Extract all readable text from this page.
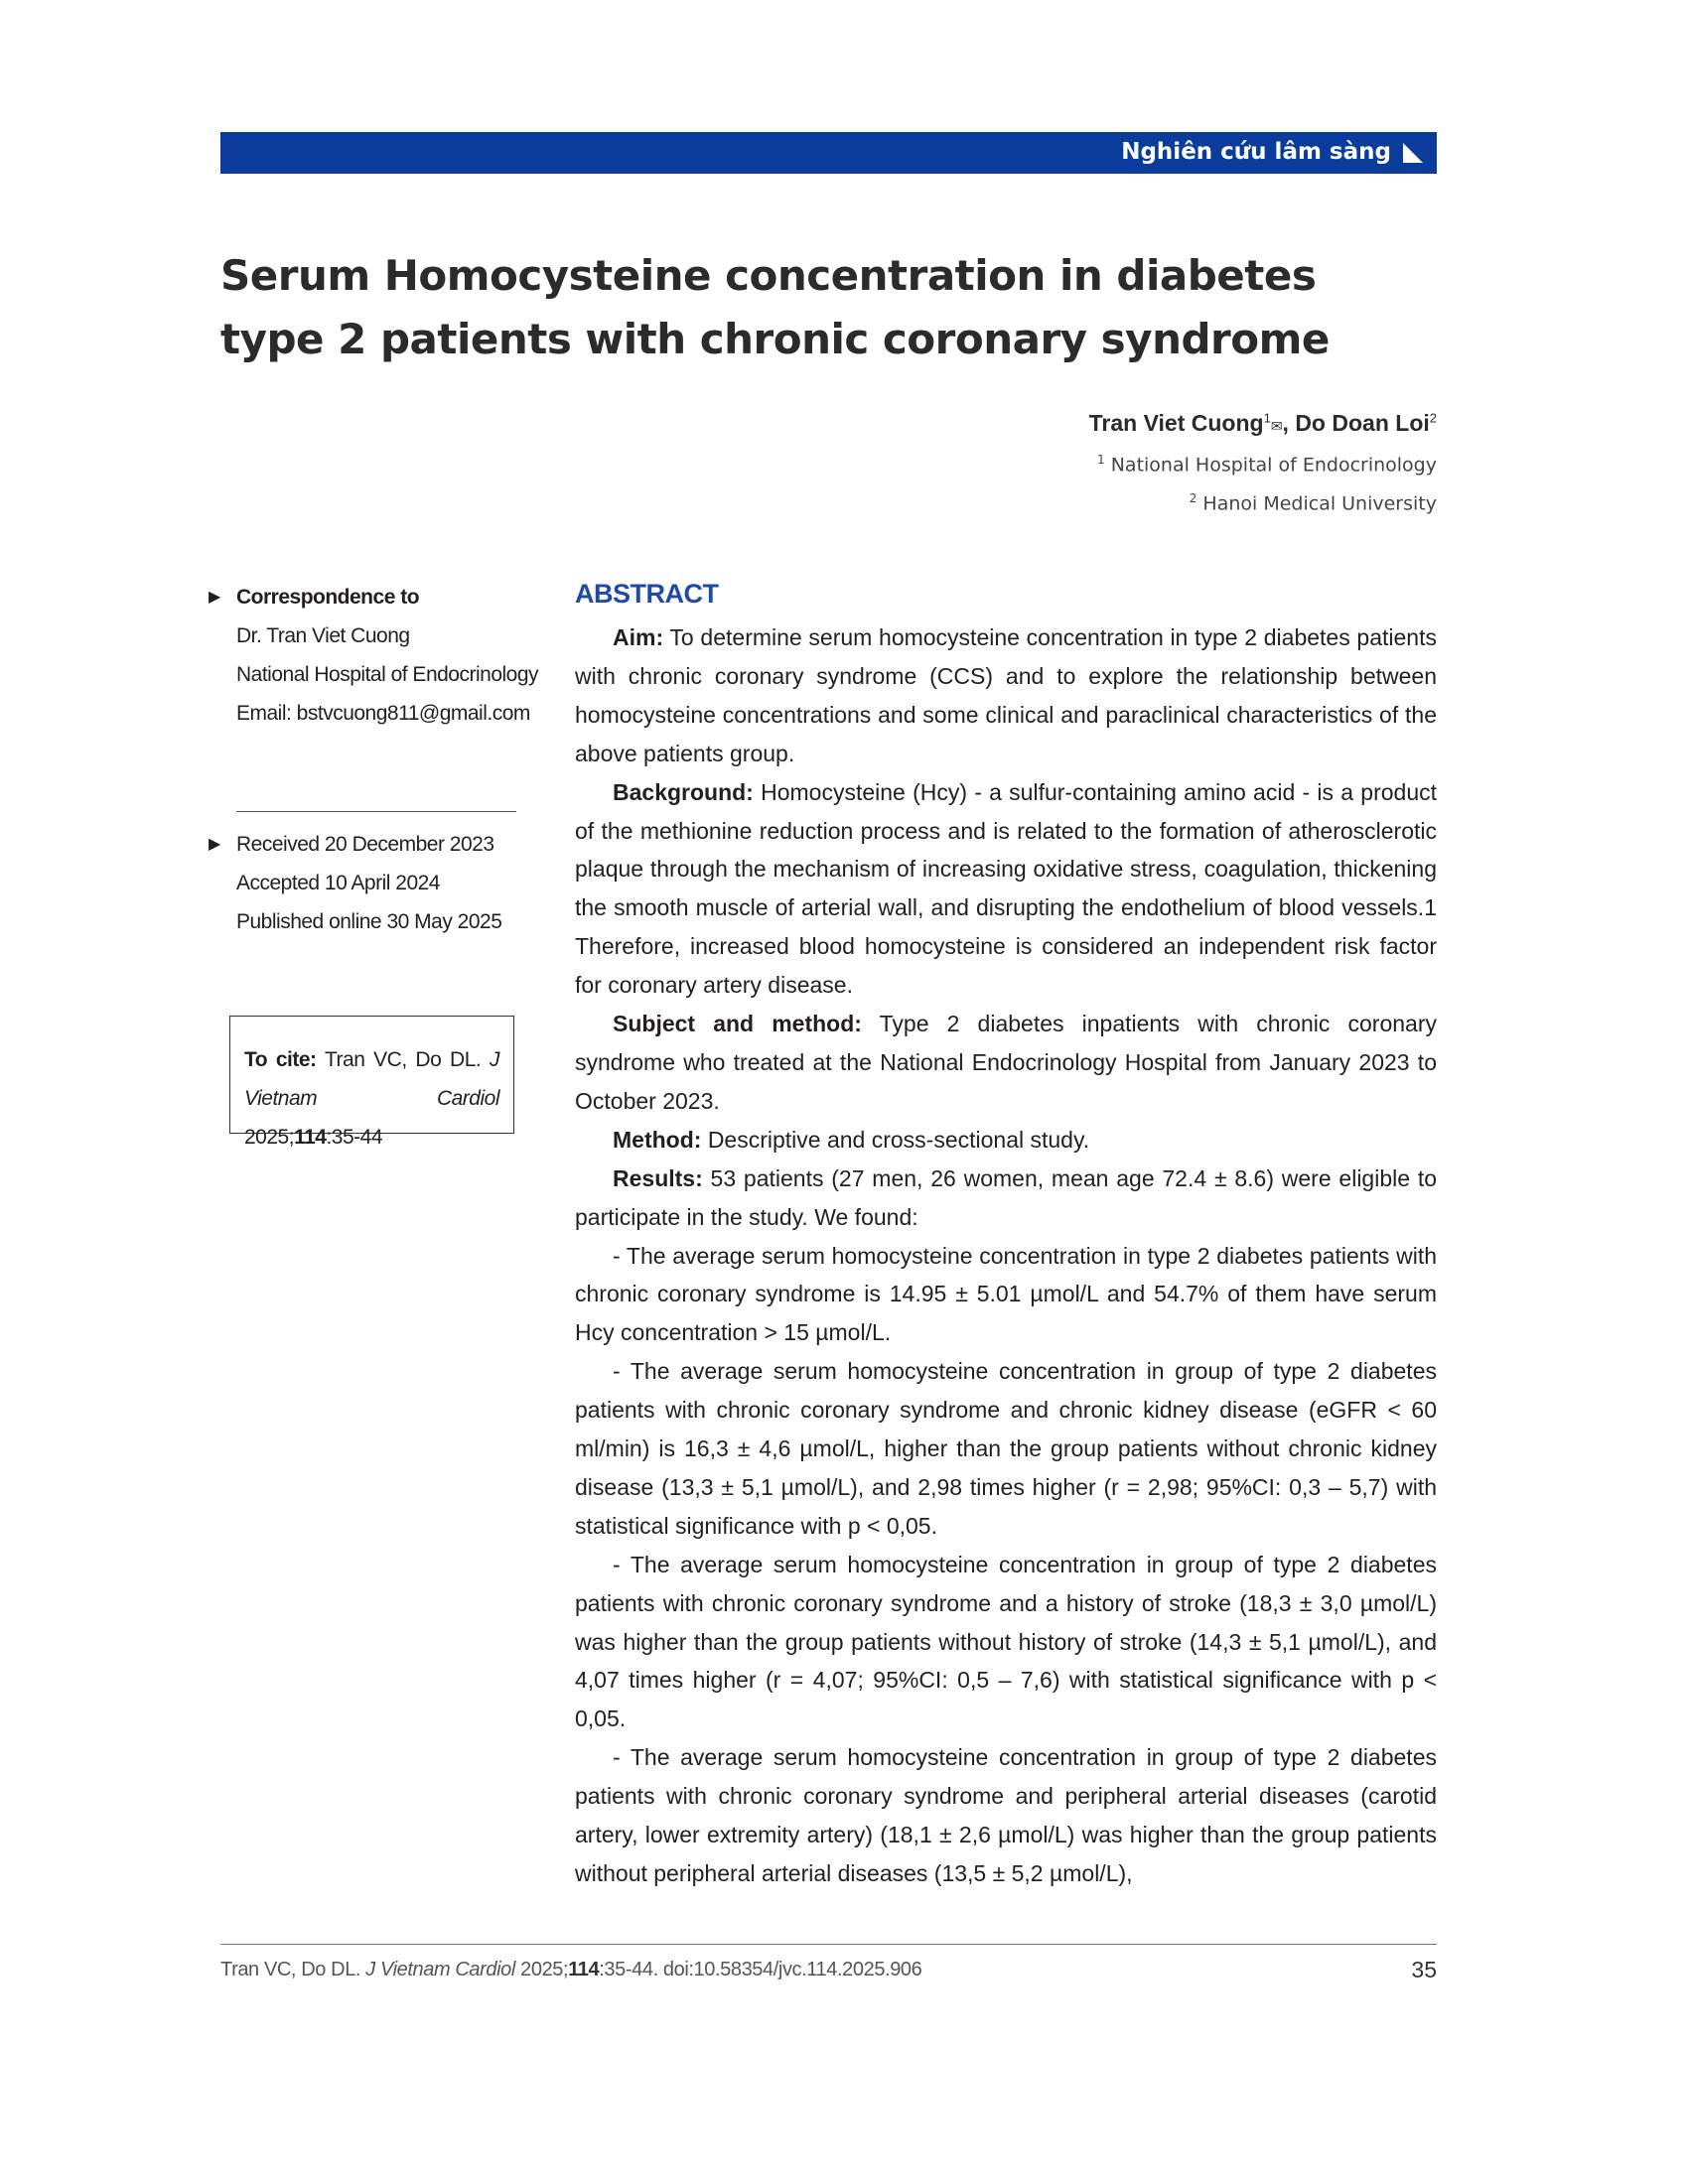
Nghiên cứu lâm sàng
Serum Homocysteine concentration in diabetes type 2 patients with chronic coronary syndrome
Tran Viet Cuong$^1$✉, Do Doan Loi$^2$
$^1$ National Hospital of Endocrinology
$^2$ Hanoi Medical University
▶ Correspondence to
Dr. Tran Viet Cuong
National Hospital of Endocrinology
Email: bstvcuong811@gmail.com
▶ Received 20 December 2023
Accepted 10 April 2024
Published online 30 May 2025
To cite: Tran VC, Do DL. J Vietnam Cardiol 2025;114:35-44
ABSTRACT

Aim: To determine serum homocysteine concentration in type 2 diabetes patients with chronic coronary syndrome (CCS) and to explore the relationship between homocysteine concentrations and some clinical and paraclinical characteristics of the above patients group.

Background: Homocysteine (Hcy) - a sulfur-containing amino acid - is a product of the methionine reduction process and is related to the formation of atherosclerotic plaque through the mechanism of increasing oxidative stress, coagulation, thickening the smooth muscle of arterial wall, and disrupting the endothelium of blood vessels.1 Therefore, increased blood homocysteine is considered an independent risk factor for coronary artery disease.

Subject and method: Type 2 diabetes inpatients with chronic coronary syndrome who treated at the National Endocrinology Hospital from January 2023 to October 2023.

Method: Descriptive and cross-sectional study.

Results: 53 patients (27 men, 26 women, mean age 72.4 ± 8.6) were eligible to participate in the study. We found:

- The average serum homocysteine concentration in type 2 diabetes patients with chronic coronary syndrome is 14.95 ± 5.01 µmol/L and 54.7% of them have serum Hcy concentration > 15 µmol/L.

- The average serum homocysteine concentration in group of type 2 diabetes patients with chronic coronary syndrome and chronic kidney disease (eGFR < 60 ml/min) is 16,3 ± 4,6 µmol/L, higher than the group patients without chronic kidney disease (13,3 ± 5,1 µmol/L), and 2,98 times higher (r = 2,98; 95%CI: 0,3 – 5,7) with statistical significance with p < 0,05.

- The average serum homocysteine concentration in group of type 2 diabetes patients with chronic coronary syndrome and a history of stroke (18,3 ± 3,0 µmol/L) was higher than the group patients without history of stroke (14,3 ± 5,1 µmol/L), and 4,07 times higher (r = 4,07; 95%CI: 0,5 – 7,6) with statistical significance with p < 0,05.

- The average serum homocysteine concentration in group of type 2 diabetes patients with chronic coronary syndrome and peripheral arterial diseases (carotid artery, lower extremity artery) (18,1 ± 2,6 µmol/L) was higher than the group patients without peripheral arterial diseases (13,5 ± 5,2 µmol/L),

Tran VC, Do DL. J Vietnam Cardiol 2025;114:35-44. doi:10.58354/jvc.114.2025.906	35
